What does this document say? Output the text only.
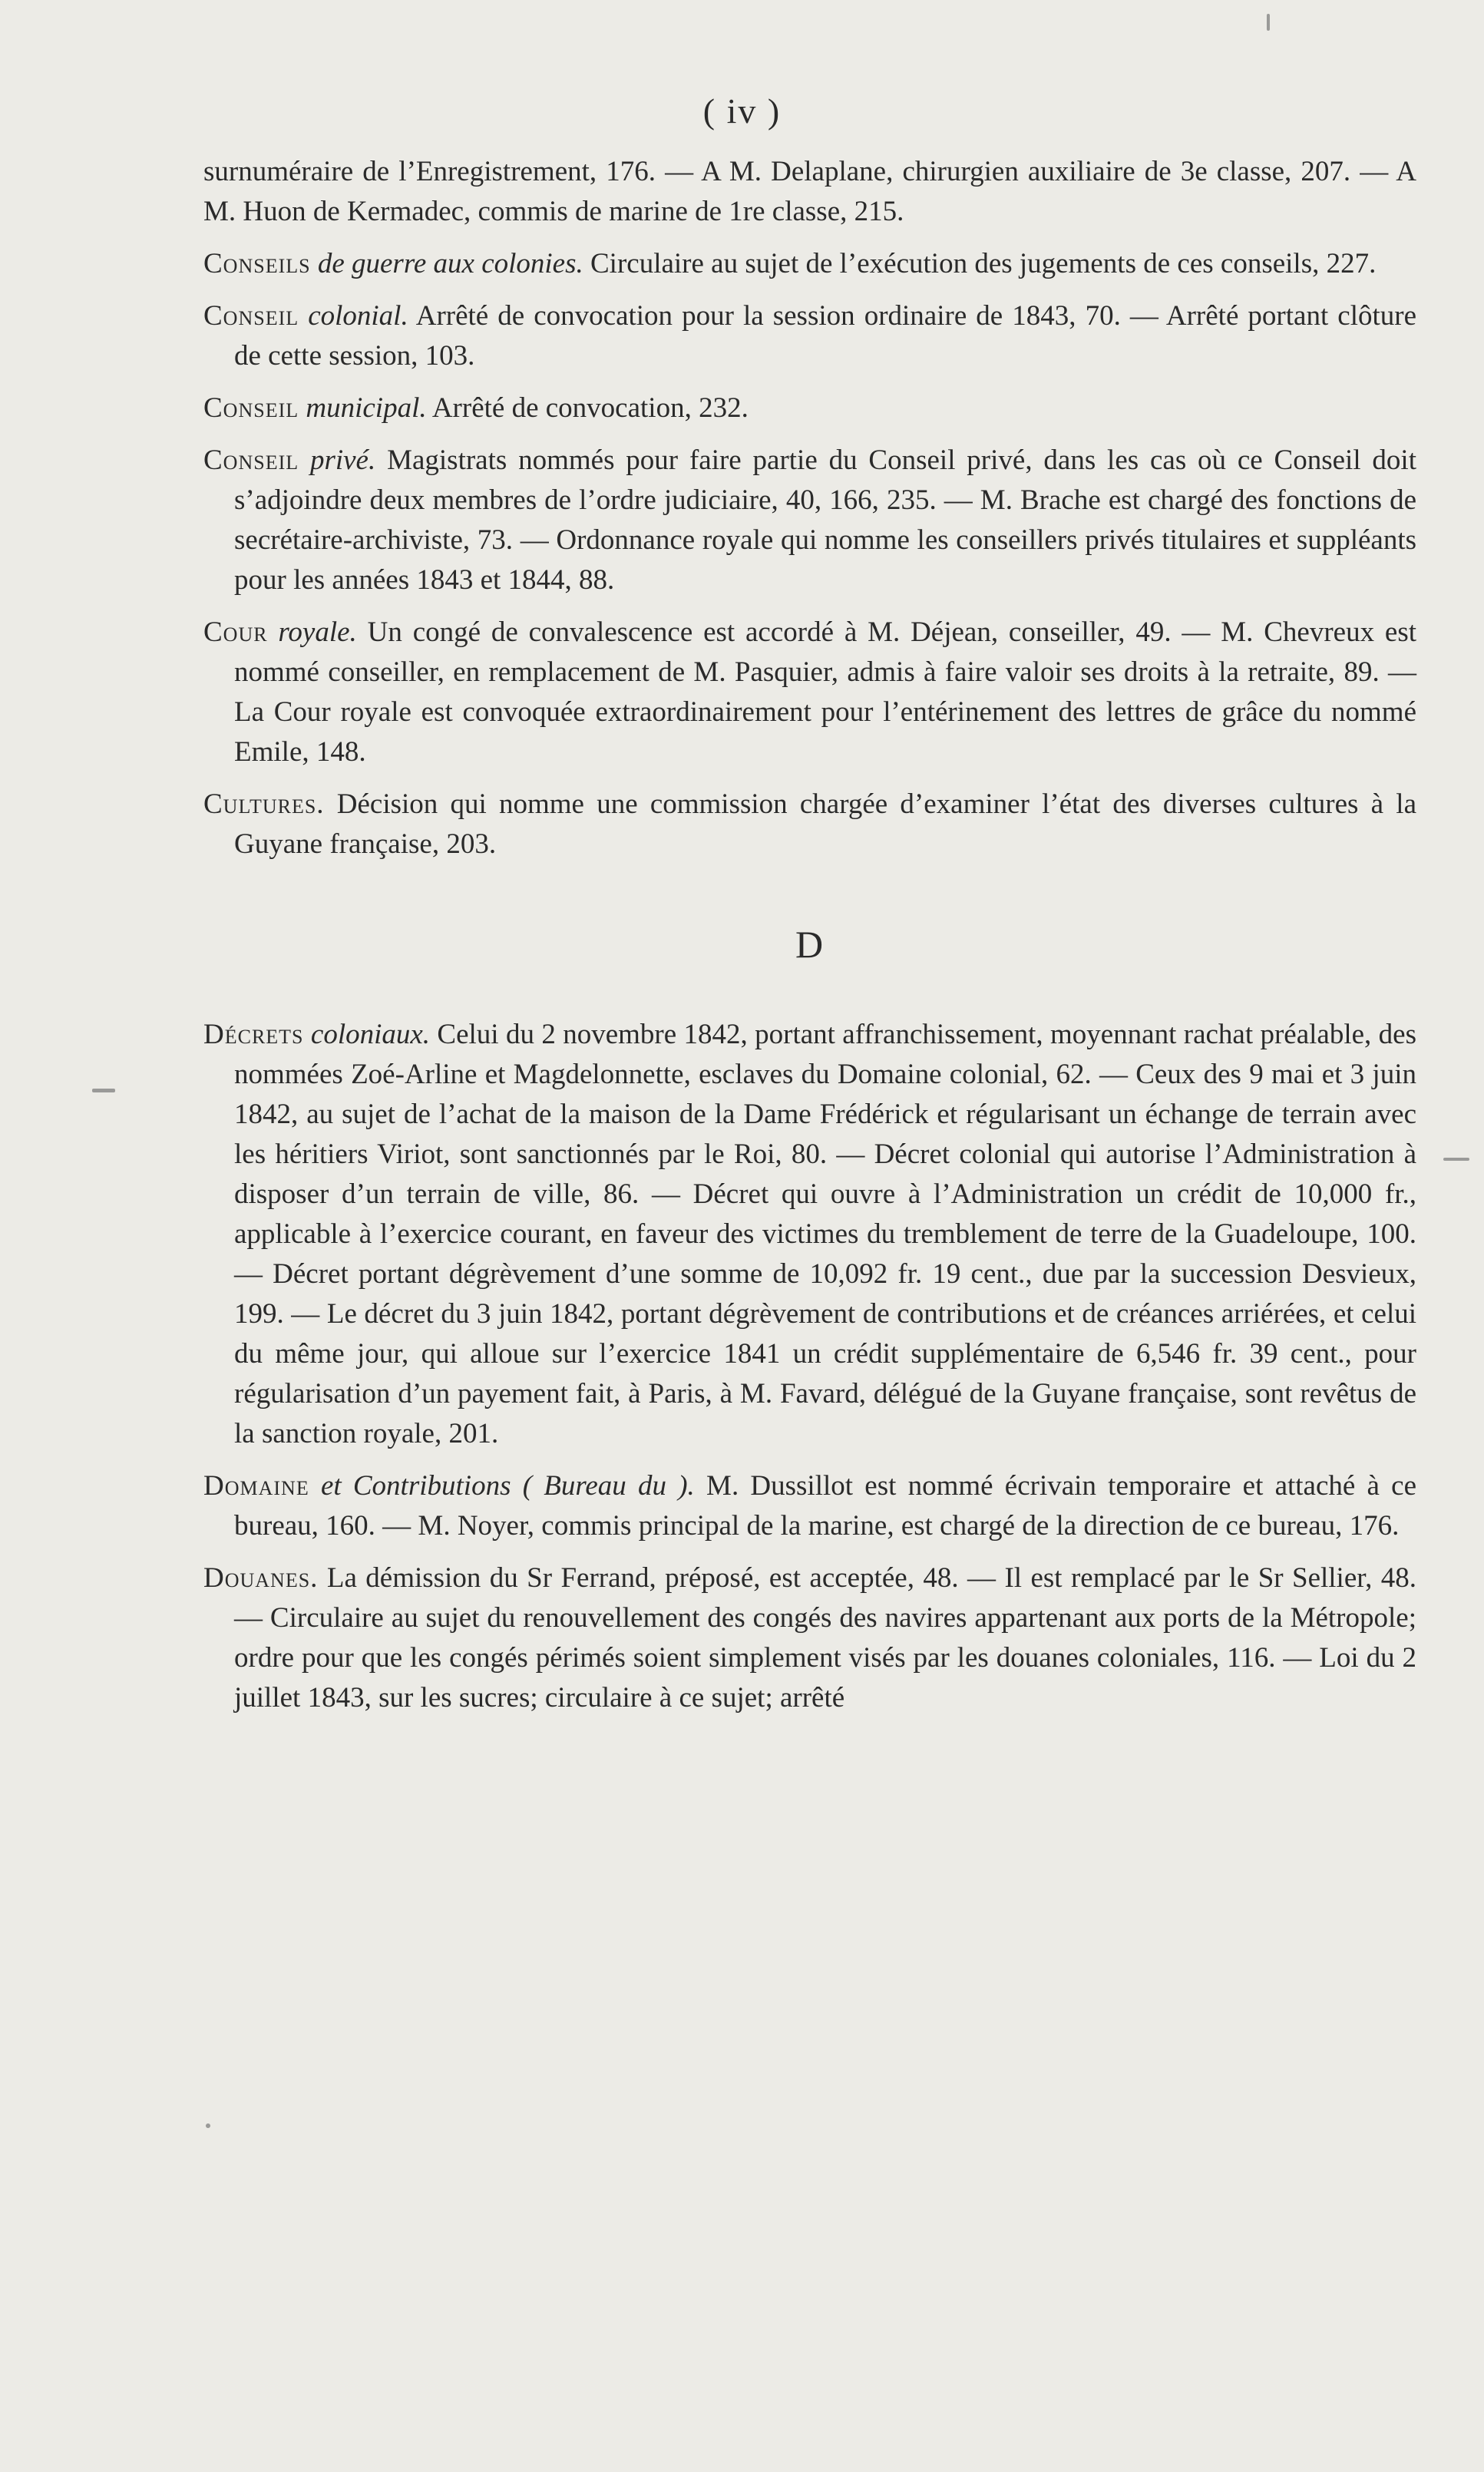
( iv )

surnuméraire de l’Enregistrement, 176. — A M. Delaplane, chirurgien auxiliaire de 3e classe, 207. — A M. Huon de Kermadec, commis de marine de 1re classe, 215.

Conseils de guerre aux colonies. Circulaire au sujet de l’exécution des jugements de ces conseils, 227.

Conseil colonial. Arrêté de convocation pour la session ordinaire de 1843, 70. — Arrêté portant clôture de cette session, 103.

Conseil municipal. Arrêté de convocation, 232.

Conseil privé. Magistrats nommés pour faire partie du Conseil privé, dans les cas où ce Conseil doit s’adjoindre deux membres de l’ordre judiciaire, 40, 166, 235. — M. Brache est chargé des fonctions de secrétaire-archiviste, 73. — Ordonnance royale qui nomme les conseillers privés titulaires et suppléants pour les années 1843 et 1844, 88.

Cour royale. Un congé de convalescence est accordé à M. Déjean, conseiller, 49. — M. Chevreux est nommé conseiller, en remplacement de M. Pasquier, admis à faire valoir ses droits à la retraite, 89. — La Cour royale est convoquée extraordinairement pour l’entérinement des lettres de grâce du nommé Emile, 148.

Cultures. Décision qui nomme une commission chargée d’examiner l’état des diverses cultures à la Guyane française, 203.

D

Décrets coloniaux. Celui du 2 novembre 1842, portant affranchissement, moyennant rachat préalable, des nommées Zoé-Arline et Magdelonnette, esclaves du Domaine colonial, 62. — Ceux des 9 mai et 3 juin 1842, au sujet de l’achat de la maison de la Dame Frédérick et régularisant un échange de terrain avec les héritiers Viriot, sont sanctionnés par le Roi, 80. — Décret colonial qui autorise l’Administration à disposer d’un terrain de ville, 86. — Décret qui ouvre à l’Administration un crédit de 10,000 fr., applicable à l’exercice courant, en faveur des victimes du tremblement de terre de la Guadeloupe, 100. — Décret portant dégrèvement d’une somme de 10,092 fr. 19 cent., due par la succession Desvieux, 199. — Le décret du 3 juin 1842, portant dégrèvement de contributions et de créances arriérées, et celui du même jour, qui alloue sur l’exercice 1841 un crédit supplémentaire de 6,546 fr. 39 cent., pour régularisation d’un payement fait, à Paris, à M. Favard, délégué de la Guyane française, sont revêtus de la sanction royale, 201.

Domaine et Contributions ( Bureau du ). M. Dussillot est nommé écrivain temporaire et attaché à ce bureau, 160. — M. Noyer, commis principal de la marine, est chargé de la direction de ce bureau, 176.

Douanes. La démission du Sr Ferrand, préposé, est acceptée, 48. — Il est remplacé par le Sr Sellier, 48. — Circulaire au sujet du renouvellement des congés des navires appartenant aux ports de la Métropole; ordre pour que les congés périmés soient simplement visés par les douanes coloniales, 116. — Loi du 2 juillet 1843, sur les sucres; circulaire à ce sujet; arrêté
